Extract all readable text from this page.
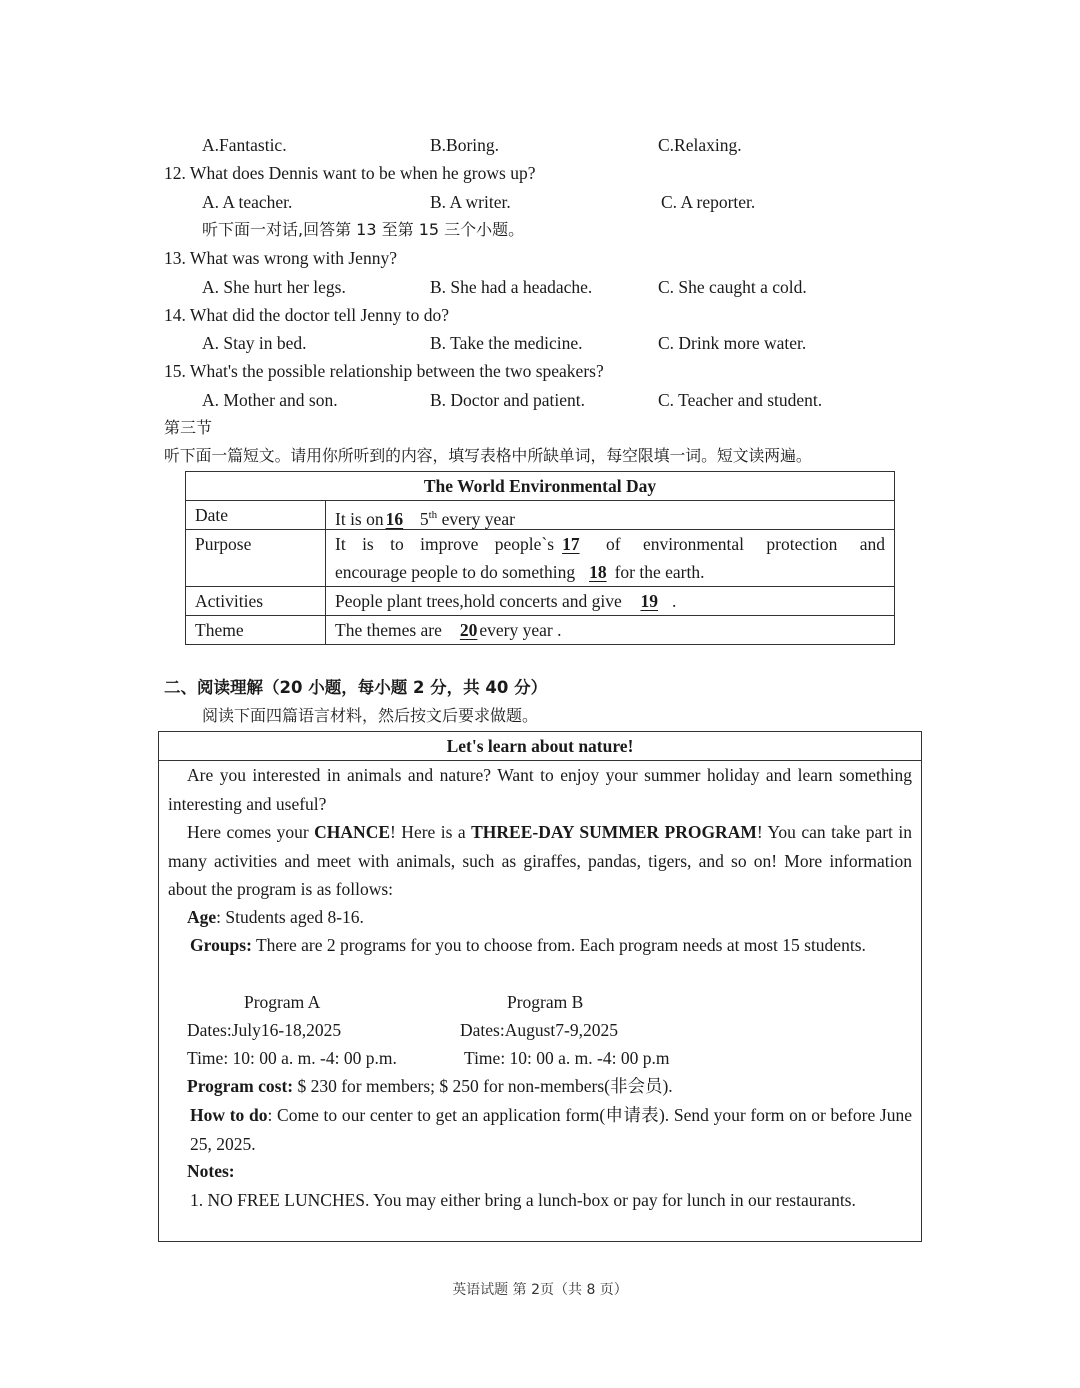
A.Fantastic.	B.Boring.	C.Relaxing.
12. What does Dennis want to be when he grows up?
A. A teacher.	B. A writer.	C. A reporter.
听下面一对话,回答第 13 至第 15 三个小题。
13. What was wrong with Jenny?
A. She hurt her legs.	B. She had a headache.	C. She caught a cold.
14. What did the doctor tell Jenny to do?
A. Stay in bed.	B. Take the medicine.	C. Drink more water.
15. What's the possible relationship between the two speakers?
A. Mother and son.	B. Doctor and patient.	C. Teacher and student.
第三节
听下面一篇短文。请用你所听到的内容，填写表格中所缺单词，每空限填一词。短文读两遍。
The World Environmental Day
Date	It is on 16 5th every year
Purpose	It is to improve people`s 17	of environmental protection and
encourage people to do something 18 for the earth.
Activities	People plant trees,hold concerts and give 19 .
Theme	The themes are 20 every year .
二、阅读理解（20 小题，每小题 2 分，共 40 分）
阅读下面四篇语言材料，然后按文后要求做题。
Let's learn about nature!
Are you interested in animals and nature? Want to enjoy your summer holiday and learn something interesting and useful?
Here comes your CHANCE! Here is a THREE-DAY SUMMER PROGRAM! You can take part in many activities and meet with animals, such as giraffes, pandas, tigers, and so on! More information about the program is as follows:
Age: Students aged 8-16.
Groups: There are 2 programs for you to choose from. Each program needs at most 15 students.
Program A	Program B
Dates:July16-18,2025	Dates:August7-9,2025
Time: 10: 00 a. m. -4: 00 p.m.	Time: 10: 00 a. m. -4: 00 p.m
Program cost: $ 230 for members; $ 250 for non-members(非会员).
How to do: Come to our center to get an application form(申请表). Send your form on or before June 25, 2025.
Notes:
1. NO FREE LUNCHES. You may either bring a lunch-box or pay for lunch in our restaurants.
英语试题 第 2页（共 8 页）
